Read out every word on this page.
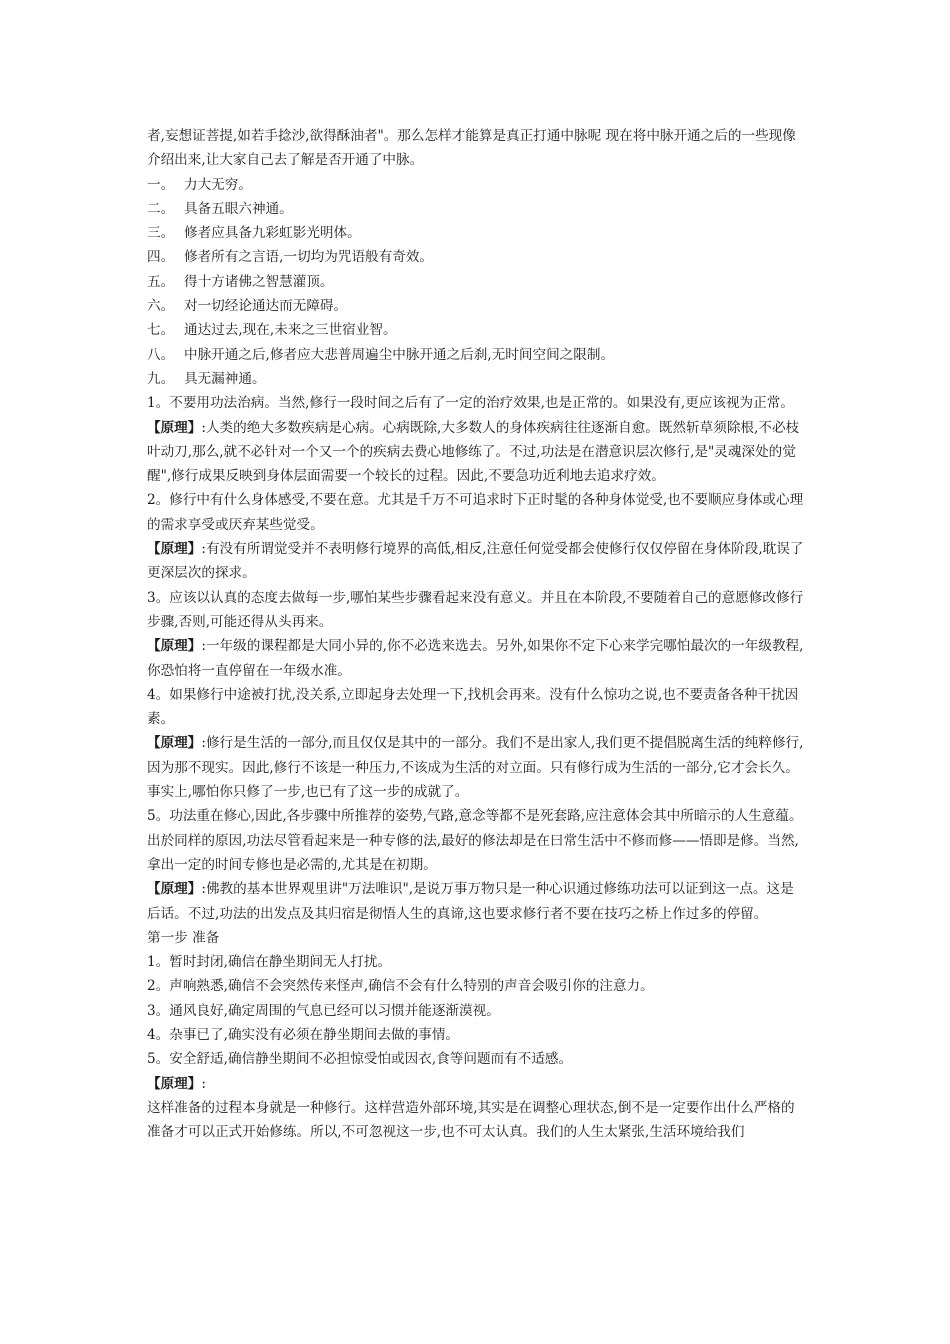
者,妄想证菩提,如若手捻沙,欲得酥油者"。那么怎样才能算是真正打通中脉呢 现在将中脉开通之后的一些现像介绍出来,让大家自己去了解是否开通了中脉。

一。 力大无穷。

二。 具备五眼六神通。

三。 修者应具备九彩虹影光明体。

四。 修者所有之言语,一切均为咒语般有奇效。

五。 得十方诸佛之智慧灌顶。

六。 对一切经论通达而无障碍。

七。 通达过去,现在,未来之三世宿业智。

八。 中脉开通之后,修者应大悲普周遍尘中脉开通之后刹,无时间空间之限制。

九。 具无漏神通。

1。不要用功法治病。当然,修行一段时间之后有了一定的治疗效果,也是正常的。如果没有,更应该视为正常。

【原理】:人类的绝大多数疾病是心病。心病既除,大多数人的身体疾病往往逐渐自愈。既然斩草须除根,不必枝叶动刀,那么,就不必针对一个又一个的疾病去费心地修练了。不过,功法是在潜意识层次修行,是"灵魂深处的觉醒",修行成果反映到身体层面需要一个较长的过程。因此,不要急功近利地去追求疗效。

2。修行中有什么身体感受,不要在意。尤其是千万不可追求时下正时髦的各种身体觉受,也不要顺应身体或心理的需求享受或厌弃某些觉受。

【原理】:有没有所谓觉受并不表明修行境界的高低,相反,注意任何觉受都会使修行仅仅停留在身体阶段,耽误了更深层次的探求。

3。应该以认真的态度去做每一步,哪怕某些步骤看起来没有意义。并且在本阶段,不要随着自己的意愿修改修行步骤,否则,可能还得从头再来。

【原理】:一年级的课程都是大同小异的,你不必选来选去。另外,如果你不定下心来学完哪怕最次的一年级教程,你恐怕将一直停留在一年级水准。

4。如果修行中途被打扰,没关系,立即起身去处理一下,找机会再来。没有什么惊功之说,也不要责备各种干扰因素。

【原理】:修行是生活的一部分,而且仅仅是其中的一部分。我们不是出家人,我们更不提倡脱离生活的纯粹修行,因为那不现实。因此,修行不该是一种压力,不该成为生活的对立面。只有修行成为生活的一部分,它才会长久。事实上,哪怕你只修了一步,也已有了这一步的成就了。

5。功法重在修心,因此,各步骤中所推荐的姿势,气路,意念等都不是死套路,应注意体会其中所暗示的人生意蕴。出於同样的原因,功法尽管看起来是一种专修的法,最好的修法却是在曰常生活中不修而修——悟即是修。当然,拿出一定的时间专修也是必需的,尤其是在初期。

【原理】:佛教的基本世界观里讲"万法唯识",是说万事万物只是一种心识通过修练功法可以证到这一点。这是后话。不过,功法的出发点及其归宿是彻悟人生的真谛,这也要求修行者不要在技巧之桥上作过多的停留。

第一步 准备

1。暂时封闭,确信在静坐期间无人打扰。

2。声响熟悉,确信不会突然传来怪声,确信不会有什么特别的声音会吸引你的注意力。

3。通风良好,确定周围的气息已经可以习惯并能逐渐漠视。

4。杂事已了,确实没有必须在静坐期间去做的事情。

5。安全舒适,确信静坐期间不必担惊受怕或因衣,食等问题而有不适感。

【原理】:

这样准备的过程本身就是一种修行。这样营造外部环境,其实是在调整心理状态,倒不是一定要作出什么严格的准备才可以正式开始修练。所以,不可忽视这一步,也不可太认真。我们的人生太紧张,生活环境给我们
